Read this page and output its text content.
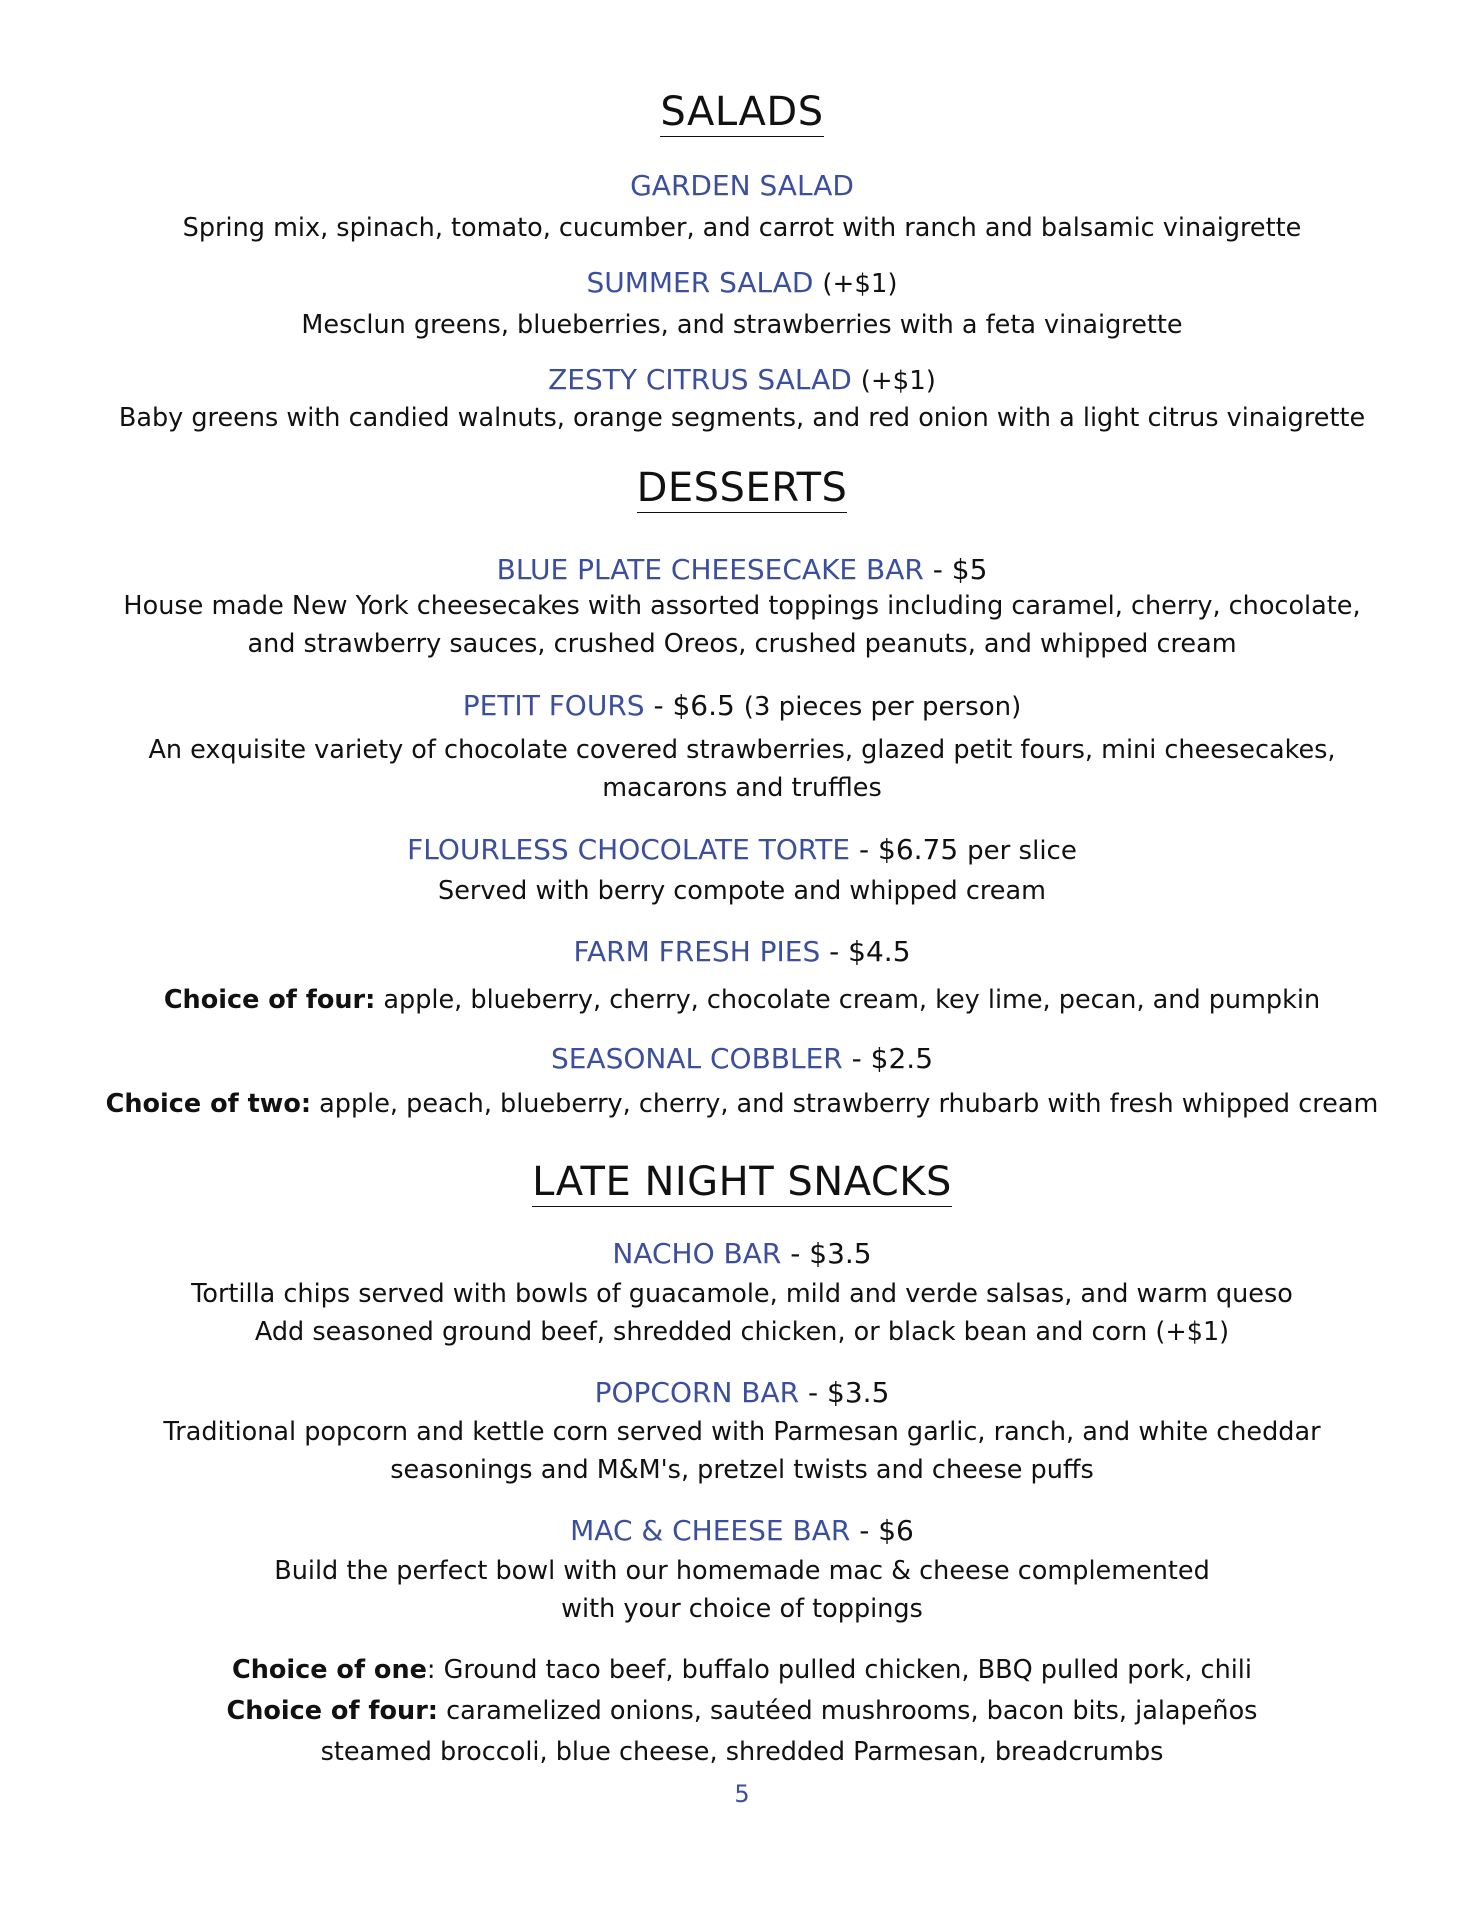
SALADS

GARDEN SALAD

Spring mix, spinach, tomato, cucumber, and carrot with ranch and balsamic vinaigrette

SUMMER SALAD (+$1)

Mesclun greens, blueberries, and strawberries with a feta vinaigrette

ZESTY CITRUS SALAD (+$1)

Baby greens with candied walnuts, orange segments, and red onion with a light citrus vinaigrette

DESSERTS

BLUE PLATE CHEESECAKE BAR - $5

House made New York cheesecakes with assorted toppings including caramel, cherry, chocolate,

and strawberry sauces, crushed Oreos, crushed peanuts, and whipped cream

PETIT FOURS - $6.5 (3 pieces per person)

An exquisite variety of chocolate covered strawberries, glazed petit fours, mini cheesecakes,

macarons and truffles

FLOURLESS CHOCOLATE TORTE - $6.75 per slice

Served with berry compote and whipped cream

FARM FRESH PIES - $4.5

Choice of four: apple, blueberry, cherry, chocolate cream, key lime, pecan, and pumpkin

SEASONAL COBBLER - $2.5

Choice of two: apple, peach, blueberry, cherry, and strawberry rhubarb with fresh whipped cream

LATE NIGHT SNACKS

NACHO BAR - $3.5

Tortilla chips served with bowls of guacamole, mild and verde salsas, and warm queso

Add seasoned ground beef, shredded chicken, or black bean and corn (+$1)

POPCORN BAR - $3.5

Traditional popcorn and kettle corn served with Parmesan garlic, ranch, and white cheddar

seasonings and M&M's, pretzel twists and cheese puffs

MAC & CHEESE BAR - $6

Build the perfect bowl with our homemade mac & cheese complemented

with your choice of toppings

Choice of one: Ground taco beef, buffalo pulled chicken, BBQ pulled pork, chili

Choice of four: caramelized onions, sautéed mushrooms, bacon bits, jalapeños

steamed broccoli, blue cheese, shredded Parmesan, breadcrumbs

5
